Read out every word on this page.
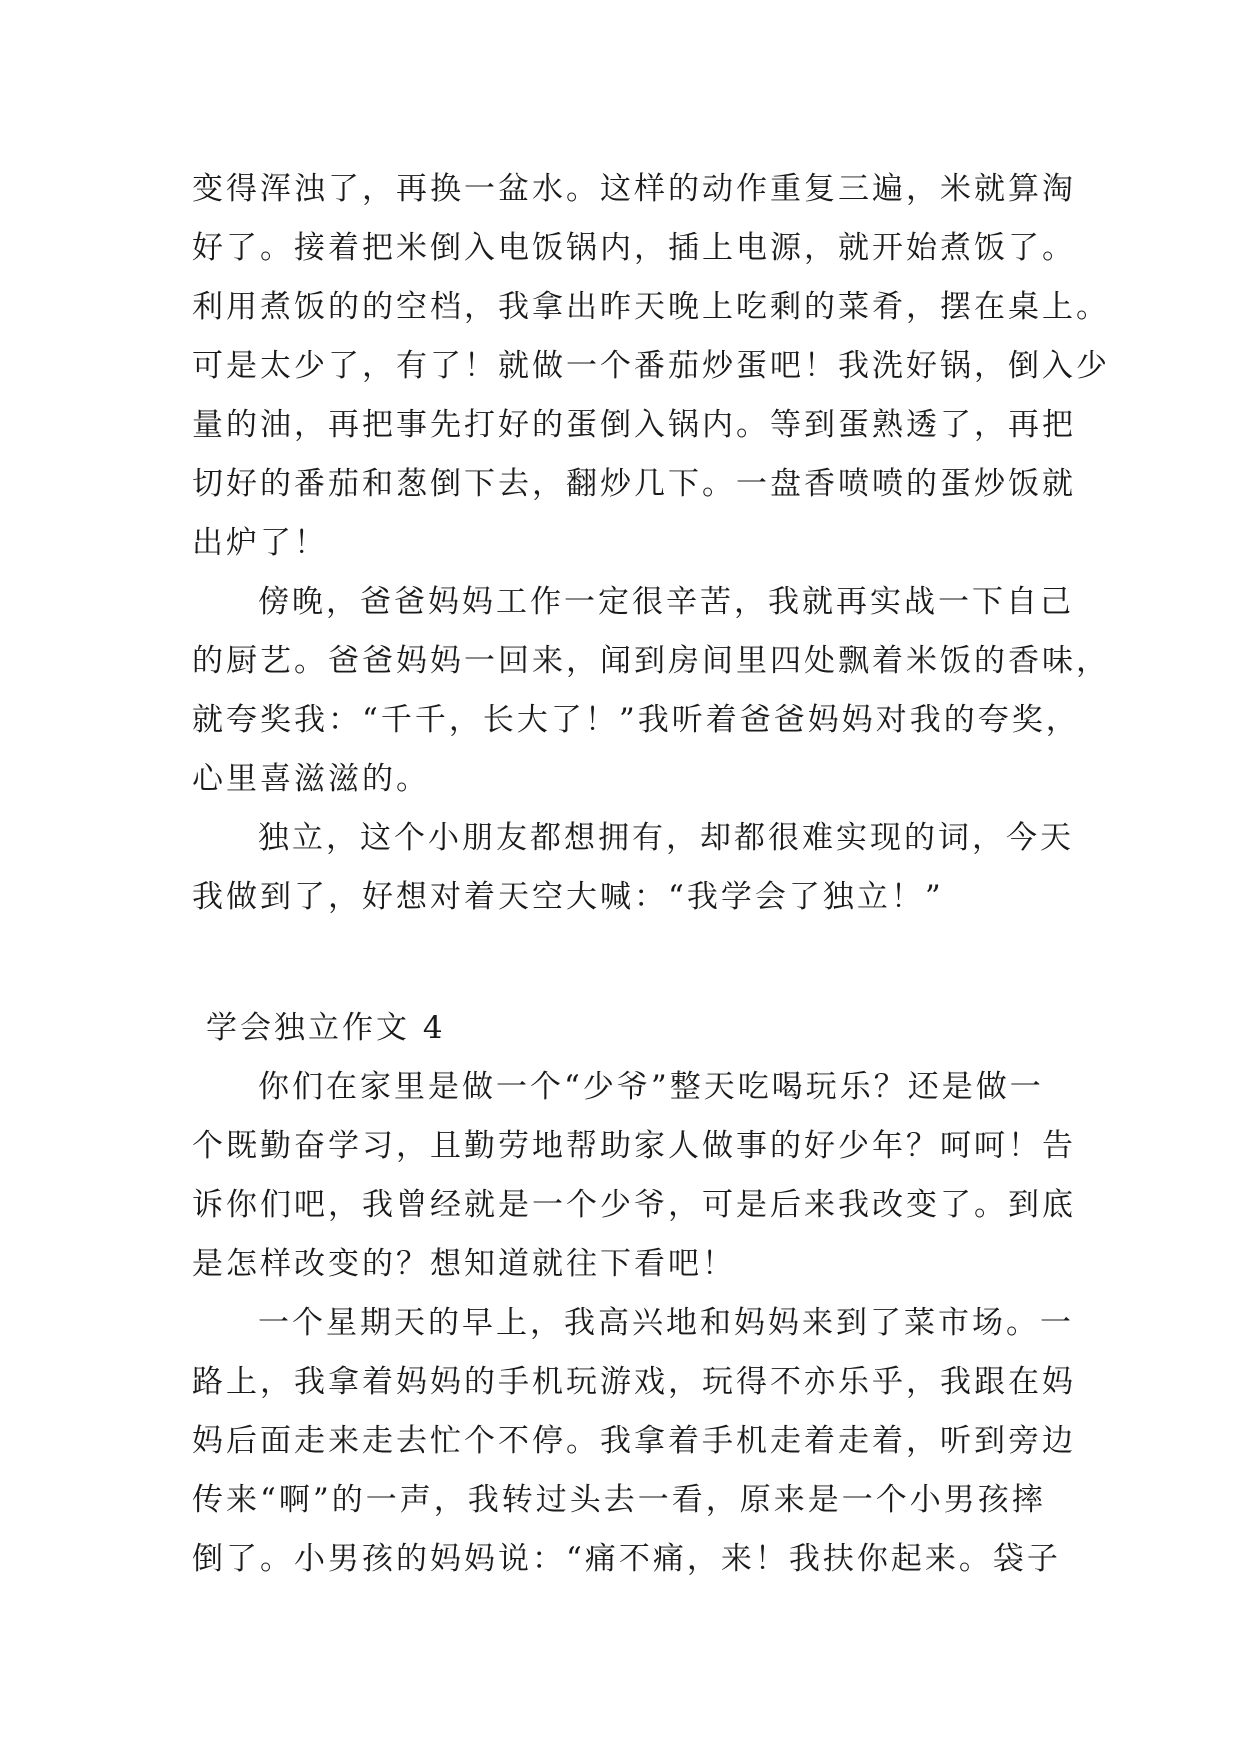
变得浑浊了，再换一盆水。这样的动作重复三遍，米就算淘
好了。接着把米倒入电饭锅内，插上电源，就开始煮饭了。
利用煮饭的的空档，我拿出昨天晚上吃剩的菜肴，摆在桌上。
可是太少了，有了！就做一个番茄炒蛋吧！我洗好锅，倒入少
量的油，再把事先打好的蛋倒入锅内。等到蛋熟透了，再把
切好的番茄和葱倒下去，翻炒几下。一盘香喷喷的蛋炒饭就
出炉了！
傍晚，爸爸妈妈工作一定很辛苦，我就再实战一下自己
的厨艺。爸爸妈妈一回来，闻到房间里四处飘着米饭的香味，
就夸奖我：“千千，长大了！”我听着爸爸妈妈对我的夸奖，
心里喜滋滋的。
独立，这个小朋友都想拥有，却都很难实现的词，今天
我做到了，好想对着天空大喊：“我学会了独立！”
学会独立作文 4
你们在家里是做一个“少爷”整天吃喝玩乐？还是做一
个既勤奋学习，且勤劳地帮助家人做事的好少年？呵呵！告
诉你们吧，我曾经就是一个少爷，可是后来我改变了。到底
是怎样改变的？想知道就往下看吧！
一个星期天的早上，我高兴地和妈妈来到了菜市场。一
路上，我拿着妈妈的手机玩游戏，玩得不亦乐乎，我跟在妈
妈后面走来走去忙个不停。我拿着手机走着走着，听到旁边
传来“啊”的一声，我转过头去一看，原来是一个小男孩摔
倒了。小男孩的妈妈说：“痛不痛，来！我扶你起来。袋子
